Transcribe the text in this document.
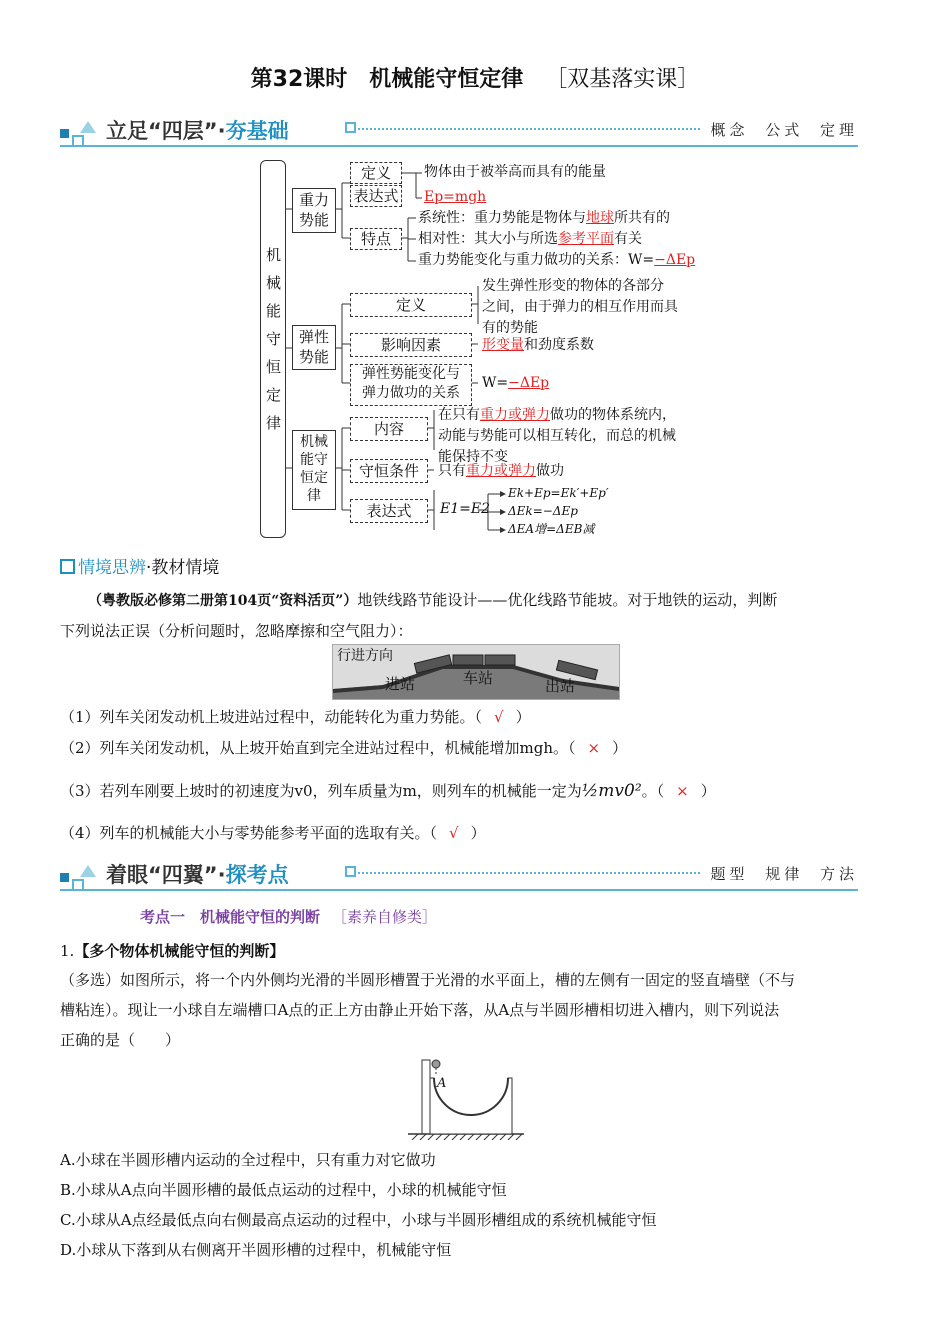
第32课时　机械能守恒定律 ［双基落实课］
立足“四层”·夯基础	概念 公式 定理
机械能守恒定律
重力势能
定义
表达式
特点
物体由于被举高而具有的能量
Ep=mgh
系统性：重力势能是物体与地球所共有的
相对性：其大小与所选参考平面有关
重力势能变化与重力做功的关系：W=−ΔEp
弹性势能
定义
影响因素
弹性势能变化与
弹力做功的关系
发生弹性形变的物体的各部分
之间，由于弹力的相互作用而具
有的势能
形变量和劲度系数
W=−ΔEp
机械能守恒定律
内容
守恒条件
表达式
在只有重力或弹力做功的物体系统内，
动能与势能可以相互转化，而总的机械
能保持不变
只有重力或弹力做功
E1=E2
Ek+Ep=Ek′+Ep′
ΔEk=−ΔEp
ΔEA增=ΔEB减
情境思辨·教材情境
（粤教版必修第二册第104页“资料活页”）地铁线路节能设计——优化线路节能坡。对于地铁的运动，判断
下列说法正误（分析问题时，忽略摩擦和空气阻力）：
行进方向
进站	车站	出站
（1）列车关闭发动机上坡进站过程中，动能转化为重力势能。（ √ ）
（2）列车关闭发动机，从上坡开始直到完全进站过程中，机械能增加mgh。（ × ）
（3）若列车刚要上坡时的初速度为v0，列车质量为m，则列车的机械能一定为½mv0²。（ × ）
（4）列车的机械能大小与零势能参考平面的选取有关。（ √ ）
着眼“四翼”·探考点	题型 规律 方法
考点一　机械能守恒的判断 ［素养自修类］
1.【多个物体机械能守恒的判断】
（多选）如图所示，将一个内外侧均光滑的半圆形槽置于光滑的水平面上，槽的左侧有一固定的竖直墙壁（不与
槽粘连）。现让一小球自左端槽口A点的正上方由静止开始下落，从A点与半圆形槽相切进入槽内，则下列说法
正确的是（　　）
A
A.小球在半圆形槽内运动的全过程中，只有重力对它做功
B.小球从A点向半圆形槽的最低点运动的过程中，小球的机械能守恒
C.小球从A点经最低点向右侧最高点运动的过程中，小球与半圆形槽组成的系统机械能守恒
D.小球从下落到从右侧离开半圆形槽的过程中，机械能守恒
